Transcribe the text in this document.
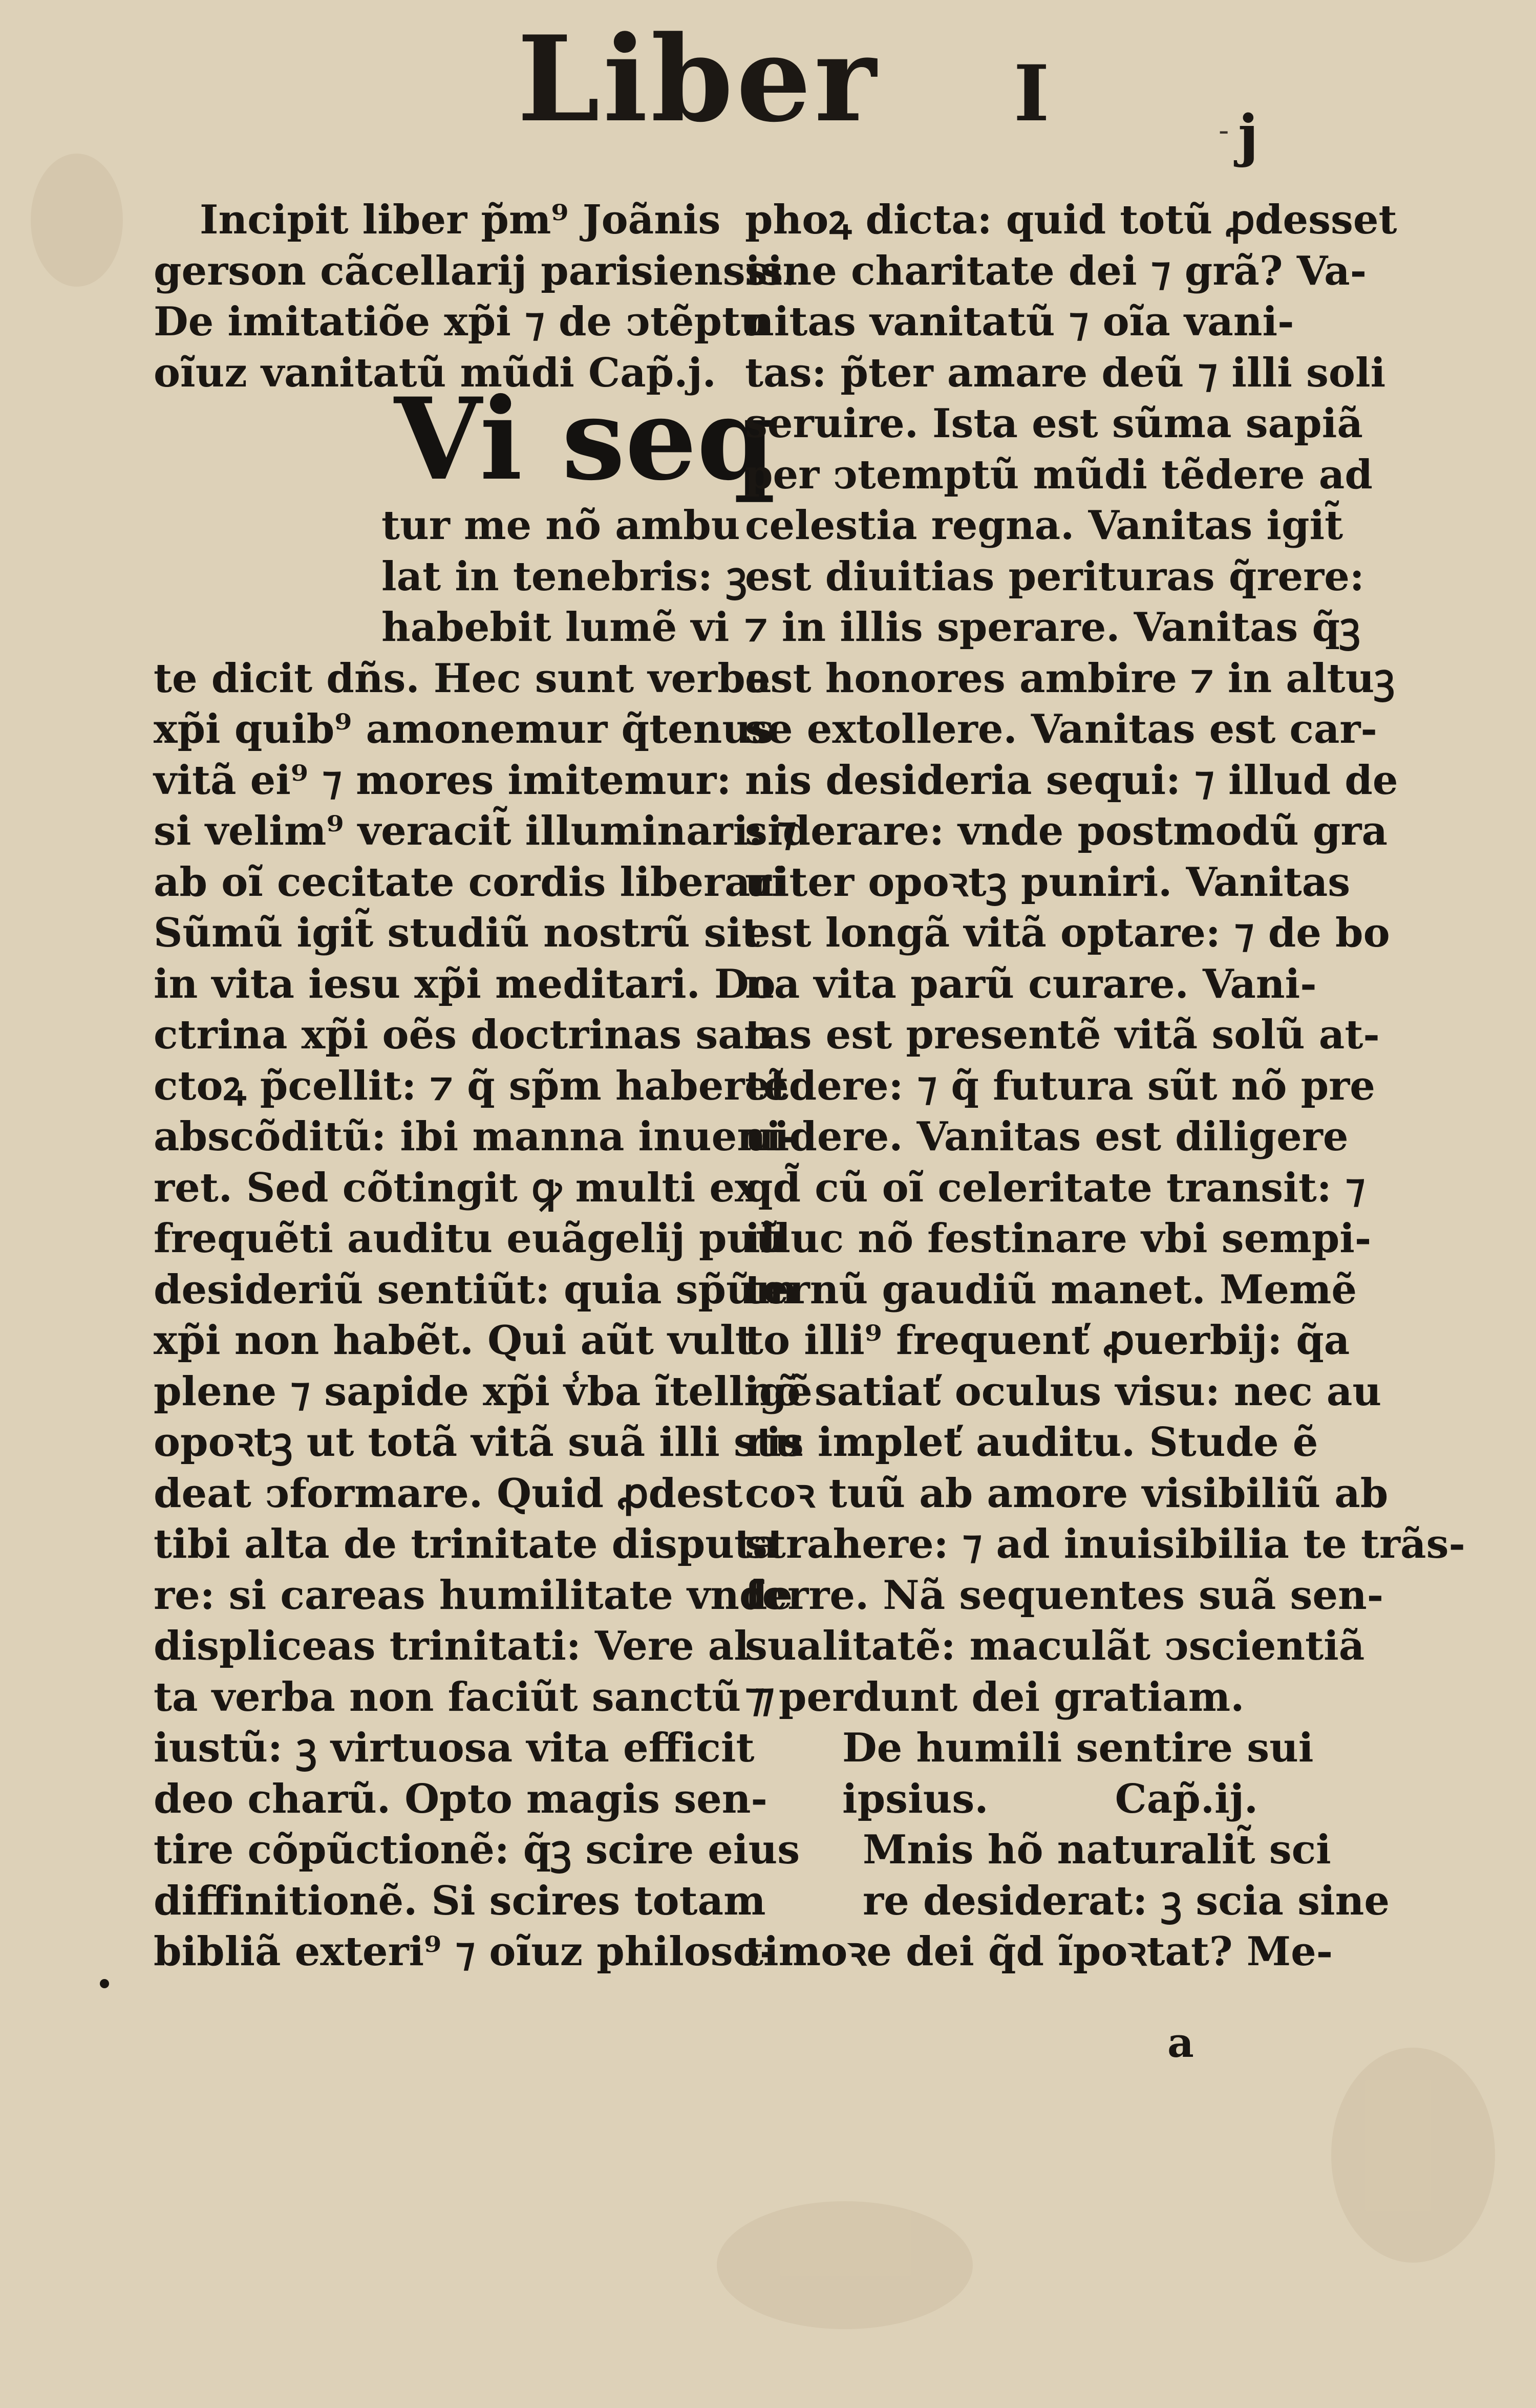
Liber I	- j
Incipit liber p̃m⁹ Joãnis
gerson cãcellarij parisiensis.
De imitatiõe xp̃i ⁊ de ↄtẽptu
oĩuz vanitatũ mũdi Cap̃.j.
Vi seq
tur me nõ ambu
lat in tenebris: ꝫ
habebit lumẽ vi
te dicit dñs. Hec sunt verba
xp̃i quib⁹ amonemur q̃tenus
vitã ei⁹ ⁊ mores imitemur:
si velim⁹ veracit̃ illuminari: ⁊
ab oĩ cecitate cordis liberari
Sũmũ igit̃ studiũ nostrũ sit
in vita iesu xp̃i meditari. Do
ctrina xp̃i oẽs doctrinas san
ctoꝝ p̃cellit: ⁊ q̃ sp̃m haberet
abscõditũ: ibi manna inueni-
ret. Sed cõtingit ꝙ multi ex
frequẽti auditu euãgelij puũ
desideriũ sentiũt: quia sp̃ũm
xp̃i non habẽt. Qui aũt vult
plene ⁊ sapide xp̃i v̾ba ĩtelligẽ
opoꝛtꝫ ut totã vitã suã illi stu
deat ↄformare. Quid ꝓdest
tibi alta de trinitate disputa
re: si careas humilitate vnde
displiceas trinitati: Vere al
ta verba non faciũt sanctũ ⁊
iustũ: ꝫ virtuosa vita efficit
deo charũ. Opto magis sen-
tire cõpũctionẽ: q̃ꝫ scire eius
diffinitionẽ. Si scires totam
bibliã exteri⁹ ⁊ oĩuz philoso-
phoꝝ dicta: quid totũ ꝓdesset
sine charitate dei ⁊ grã? Va-
nitas vanitatũ ⁊ oĩa vani-
tas: p̃ter amare deũ ⁊ illi soli
seruire. Ista est sũma sapiã
per ↄtemptũ mũdi tẽdere ad
celestia regna. Vanitas igit̃
est diuitias perituras q̃rere:
⁊ in illis sperare. Vanitas q̃ꝫ
est honores ambire ⁊ in altuꝫ
se extollere. Vanitas est car-
nis desideria sequi: ⁊ illud de
siderare: vnde postmodũ gra
uiter opoꝛtꝫ puniri. Vanitas
est longã vitã optare: ⁊ de bo
na vita parũ curare. Vani-
tas est presentẽ vitã solũ at-
tẽdere: ⁊ q̃ futura sũt nõ pre
uidere. Vanitas est diligere
qd̃ cũ oĩ celeritate transit: ⁊
illuc nõ festinare vbi sempi-
ternũ gaudiũ manet. Memẽ
to illi⁹ frequenť ꝓuerbij: q̃a
nõ satiať oculus visu: nec au
ris impleť auditu. Stude ẽ
coꝛ tuũ ab amore visibiliũ ab
strahere: ⁊ ad inuisibilia te trãs-
ferre. Nã sequentes suã sen-
sualitatẽ: maculãt ↄscientiã
⁊ perdunt dei gratiam.
De humili sentire sui
ipsius.	Cap̃.ij.
Mnis hõ naturalit̃ sci
re desiderat: ꝫ scia sine
timoꝛe dei q̃d ĩpoꝛtat? Me-
a
